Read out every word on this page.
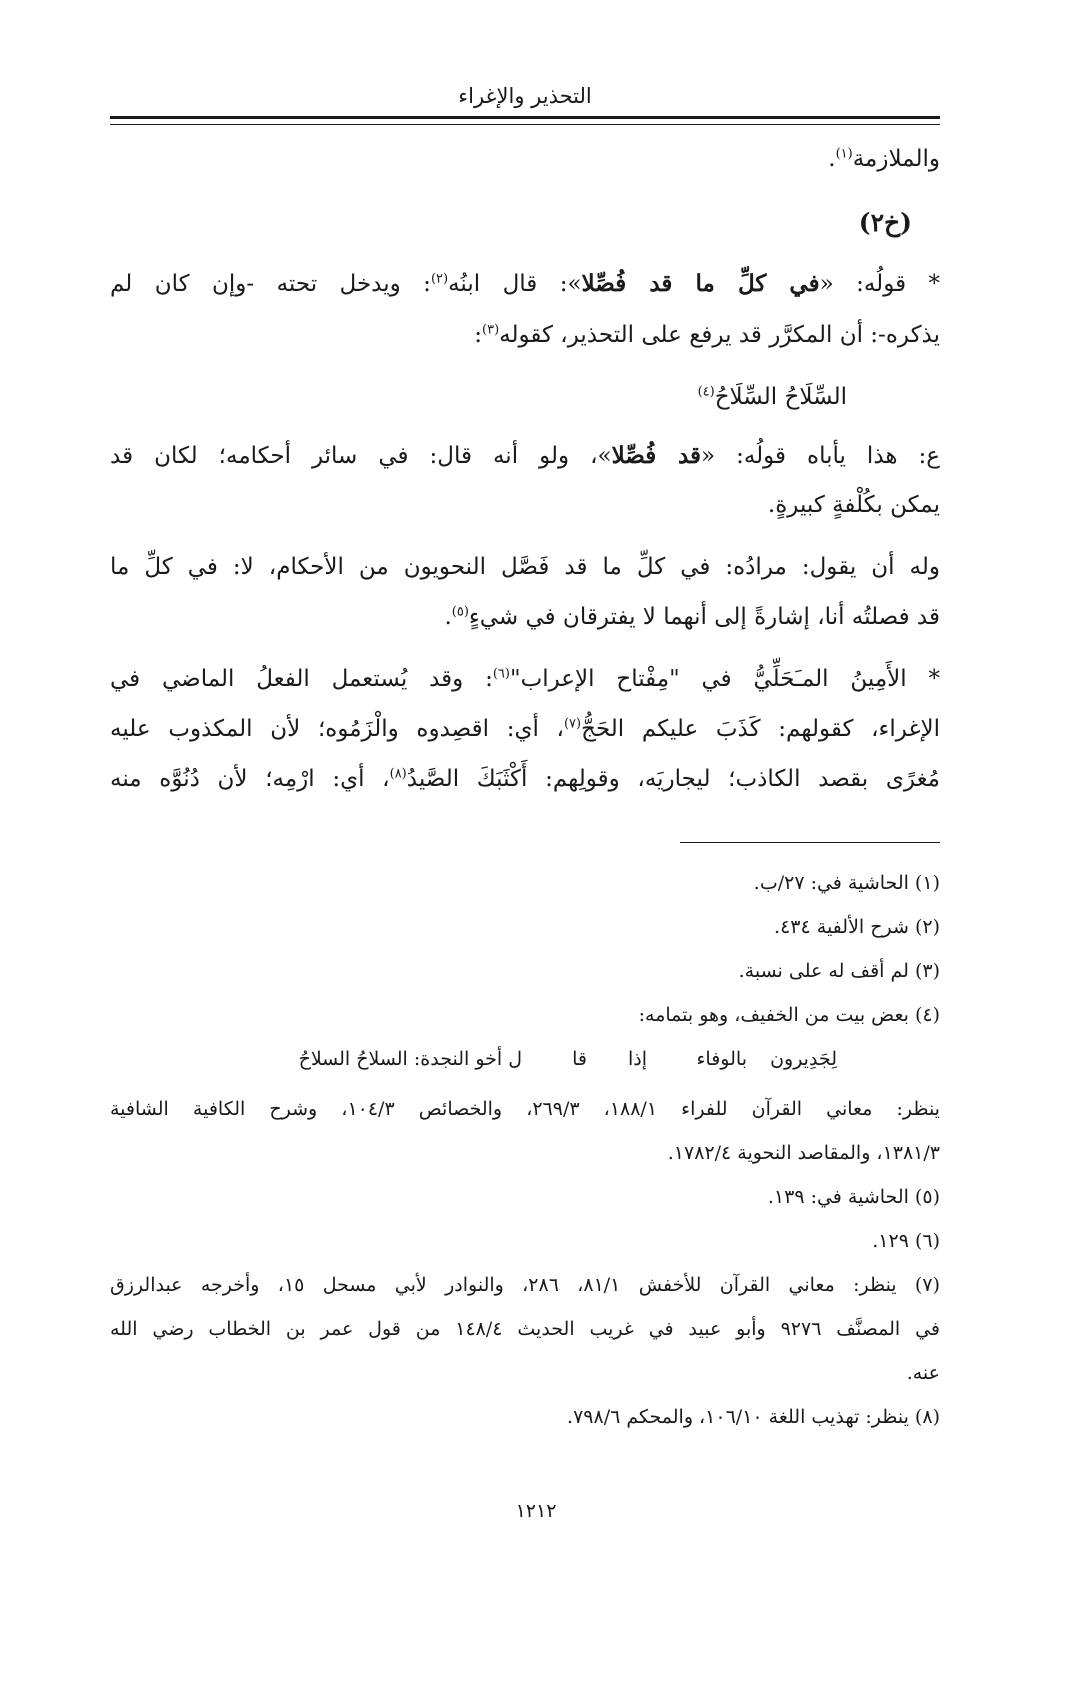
التحذير والإغراء
والملازمة$^{(١)}$.
(خ٢)
* قولُه: «في كلِّ ما قد فُصِّلا»: قال ابنُه$^{(٢)}$: ويدخل تحته -وإن كان لم
يذكره-: أن المكرَّر قد يرفع على التحذير، كقوله$^{(٣)}$:
السِّلَاحُ السِّلَاحُ$^{(٤)}$
ع: هذا يأباه قولُه: «قد فُصِّلا»، ولو أنه قال: في سائر أحكامه؛ لكان قد
يمكن بكُلْفةٍ كبيرةٍ.
وله أن يقول: مرادُه: في كلِّ ما قد فَصَّل النحويون من الأحكام، لا: في كلِّ ما
قد فصلتُه أنا، إشارةً إلى أنهما لا يفترقان في شيءٍ$^{(٥)}$.
* الأَمِينُ المـَحَلِّيُّ في "مِفْتاح الإعراب"$^{(٦)}$: وقد يُستعمل الفعلُ الماضي في
الإغراء، كقولهم: كَذَبَ عليكم الحَجُّ$^{(٧)}$، أي: اقصِدوه والْزَمُوه؛ لأن المكذوب عليه
مُغرًى بقصد الكاذب؛ ليجاريَه، وقولِهم: أَكْثَبَكَ الصَّيدُ$^{(٨)}$، أي: ارْمِه؛ لأن دُنُوَّه منه
(١) الحاشية في: ٢٧/ب.
(٢) شرح الألفية ٤٣٤.
(٣) لم أقف له على نسبة.
(٤) بعض بيت من الخفيف، وهو بتمامه:
لِجَدِيرون
بالوفاء
إذا
قا
ل أخو النجدة: السلاحُ السلاحُ
ينظر: معاني القرآن للفراء ١٨٨/١، ٢٦٩/٣، والخصائص ١٠٤/٣، وشرح الكافية الشافية
١٣٨١/٣، والمقاصد النحوية ١٧٨٢/٤.
(٥) الحاشية في: ١٣٩.
(٦) ١٢٩.
(٧) ينظر: معاني القرآن للأخفش ٨١/١، ٢٨٦، والنوادر لأبي مسحل ١٥، وأخرجه عبدالرزق
في المصنَّف ٩٢٧٦ وأبو عبيد في غريب الحديث ١٤٨/٤ من قول عمر بن الخطاب رضي الله
عنه.
(٨) ينظر: تهذيب اللغة ١٠٦/١٠، والمحكم ٧٩٨/٦.
١٢١٢
